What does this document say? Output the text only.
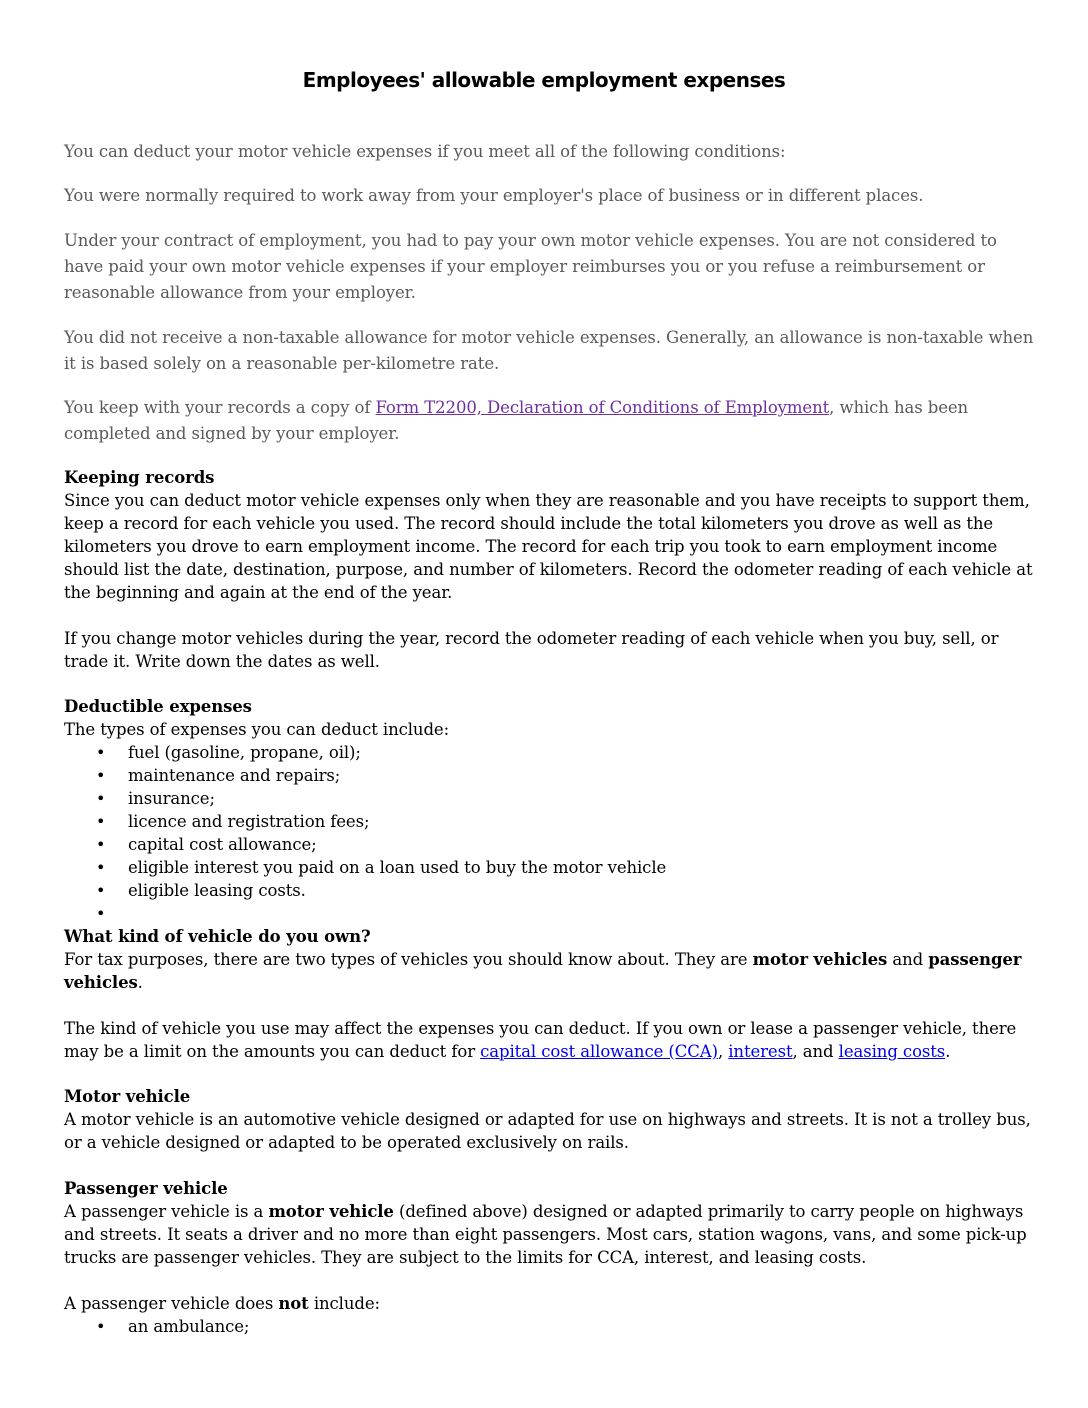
Employees' allowable employment expenses

You can deduct your motor vehicle expenses if you meet all of the following conditions:

You were normally required to work away from your employer's place of business or in different places.

Under your contract of employment, you had to pay your own motor vehicle expenses. You are not considered to have paid your own motor vehicle expenses if your employer reimburses you or you refuse a reimbursement or reasonable allowance from your employer.

You did not receive a non-taxable allowance for motor vehicle expenses. Generally, an allowance is non-taxable when it is based solely on a reasonable per-kilometre rate.

You keep with your records a copy of Form T2200, Declaration of Conditions of Employment, which has been completed and signed by your employer.

Keeping records
Since you can deduct motor vehicle expenses only when they are reasonable and you have receipts to support them, keep a record for each vehicle you used. The record should include the total kilometers you drove as well as the kilometers you drove to earn employment income. The record for each trip you took to earn employment income should list the date, destination, purpose, and number of kilometers. Record the odometer reading of each vehicle at the beginning and again at the end of the year.

If you change motor vehicles during the year, record the odometer reading of each vehicle when you buy, sell, or trade it. Write down the dates as well.

Deductible expenses
The types of expenses you can deduct include:
• fuel (gasoline, propane, oil);
• maintenance and repairs;
• insurance;
• licence and registration fees;
• capital cost allowance;
• eligible interest you paid on a loan used to buy the motor vehicle
• eligible leasing costs.
•
What kind of vehicle do you own?
For tax purposes, there are two types of vehicles you should know about. They are motor vehicles and passenger vehicles.

The kind of vehicle you use may affect the expenses you can deduct. If you own or lease a passenger vehicle, there may be a limit on the amounts you can deduct for capital cost allowance (CCA), interest, and leasing costs.

Motor vehicle
A motor vehicle is an automotive vehicle designed or adapted for use on highways and streets. It is not a trolley bus, or a vehicle designed or adapted to be operated exclusively on rails.
Passenger vehicle
A passenger vehicle is a motor vehicle (defined above) designed or adapted primarily to carry people on highways and streets. It seats a driver and no more than eight passengers. Most cars, station wagons, vans, and some pick-up trucks are passenger vehicles. They are subject to the limits for CCA, interest, and leasing costs.
A passenger vehicle does not include:
• an ambulance;
